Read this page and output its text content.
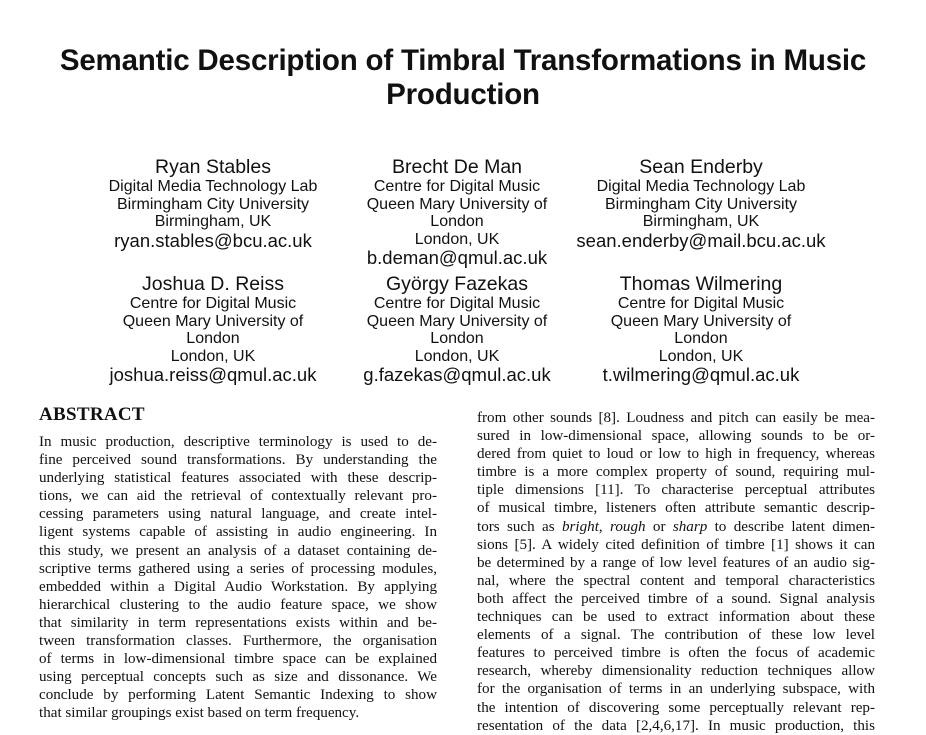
Semantic Description of Timbral Transformations in Music
Production
Ryan Stables
Digital Media Technology Lab
Birmingham City University
Birmingham, UK
ryan.stables@bcu.ac.uk
Brecht De Man
Centre for Digital Music
Queen Mary University of
London
London, UK
b.deman@qmul.ac.uk
Sean Enderby
Digital Media Technology Lab
Birmingham City University
Birmingham, UK
sean.enderby@mail.bcu.ac.uk
Joshua D. Reiss
Centre for Digital Music
Queen Mary University of
London
London, UK
joshua.reiss@qmul.ac.uk
György Fazekas
Centre for Digital Music
Queen Mary University of
London
London, UK
g.fazekas@qmul.ac.uk
Thomas Wilmering
Centre for Digital Music
Queen Mary University of
London
London, UK
t.wilmering@qmul.ac.uk
ABSTRACT
In music production, descriptive terminology is used to de-
fine perceived sound transformations. By understanding the
underlying statistical features associated with these descrip-
tions, we can aid the retrieval of contextually relevant pro-
cessing parameters using natural language, and create intel-
ligent systems capable of assisting in audio engineering. In
this study, we present an analysis of a dataset containing de-
scriptive terms gathered using a series of processing modules,
embedded within a Digital Audio Workstation. By applying
hierarchical clustering to the audio feature space, we show
that similarity in term representations exists within and be-
tween transformation classes. Furthermore, the organisation
of terms in low-dimensional timbre space can be explained
using perceptual concepts such as size and dissonance. We
conclude by performing Latent Semantic Indexing to show
that similar groupings exist based on term frequency.
from other sounds [8]. Loudness and pitch can easily be mea-
sured in low-dimensional space, allowing sounds to be or-
dered from quiet to loud or low to high in frequency, whereas
timbre is a more complex property of sound, requiring mul-
tiple dimensions [11]. To characterise perceptual attributes
of musical timbre, listeners often attribute semantic descrip-
tors such as bright, rough or sharp to describe latent dimen-
sions [5]. A widely cited definition of timbre [1] shows it can
be determined by a range of low level features of an audio sig-
nal, where the spectral content and temporal characteristics
both affect the perceived timbre of a sound. Signal analysis
techniques can be used to extract information about these
elements of a signal. The contribution of these low level
features to perceived timbre is often the focus of academic
research, whereby dimensionality reduction techniques allow
for the organisation of terms in an underlying subspace, with
the intention of discovering some perceptually relevant rep-
resentation of the data [2,4,6,17]. In music production, this
